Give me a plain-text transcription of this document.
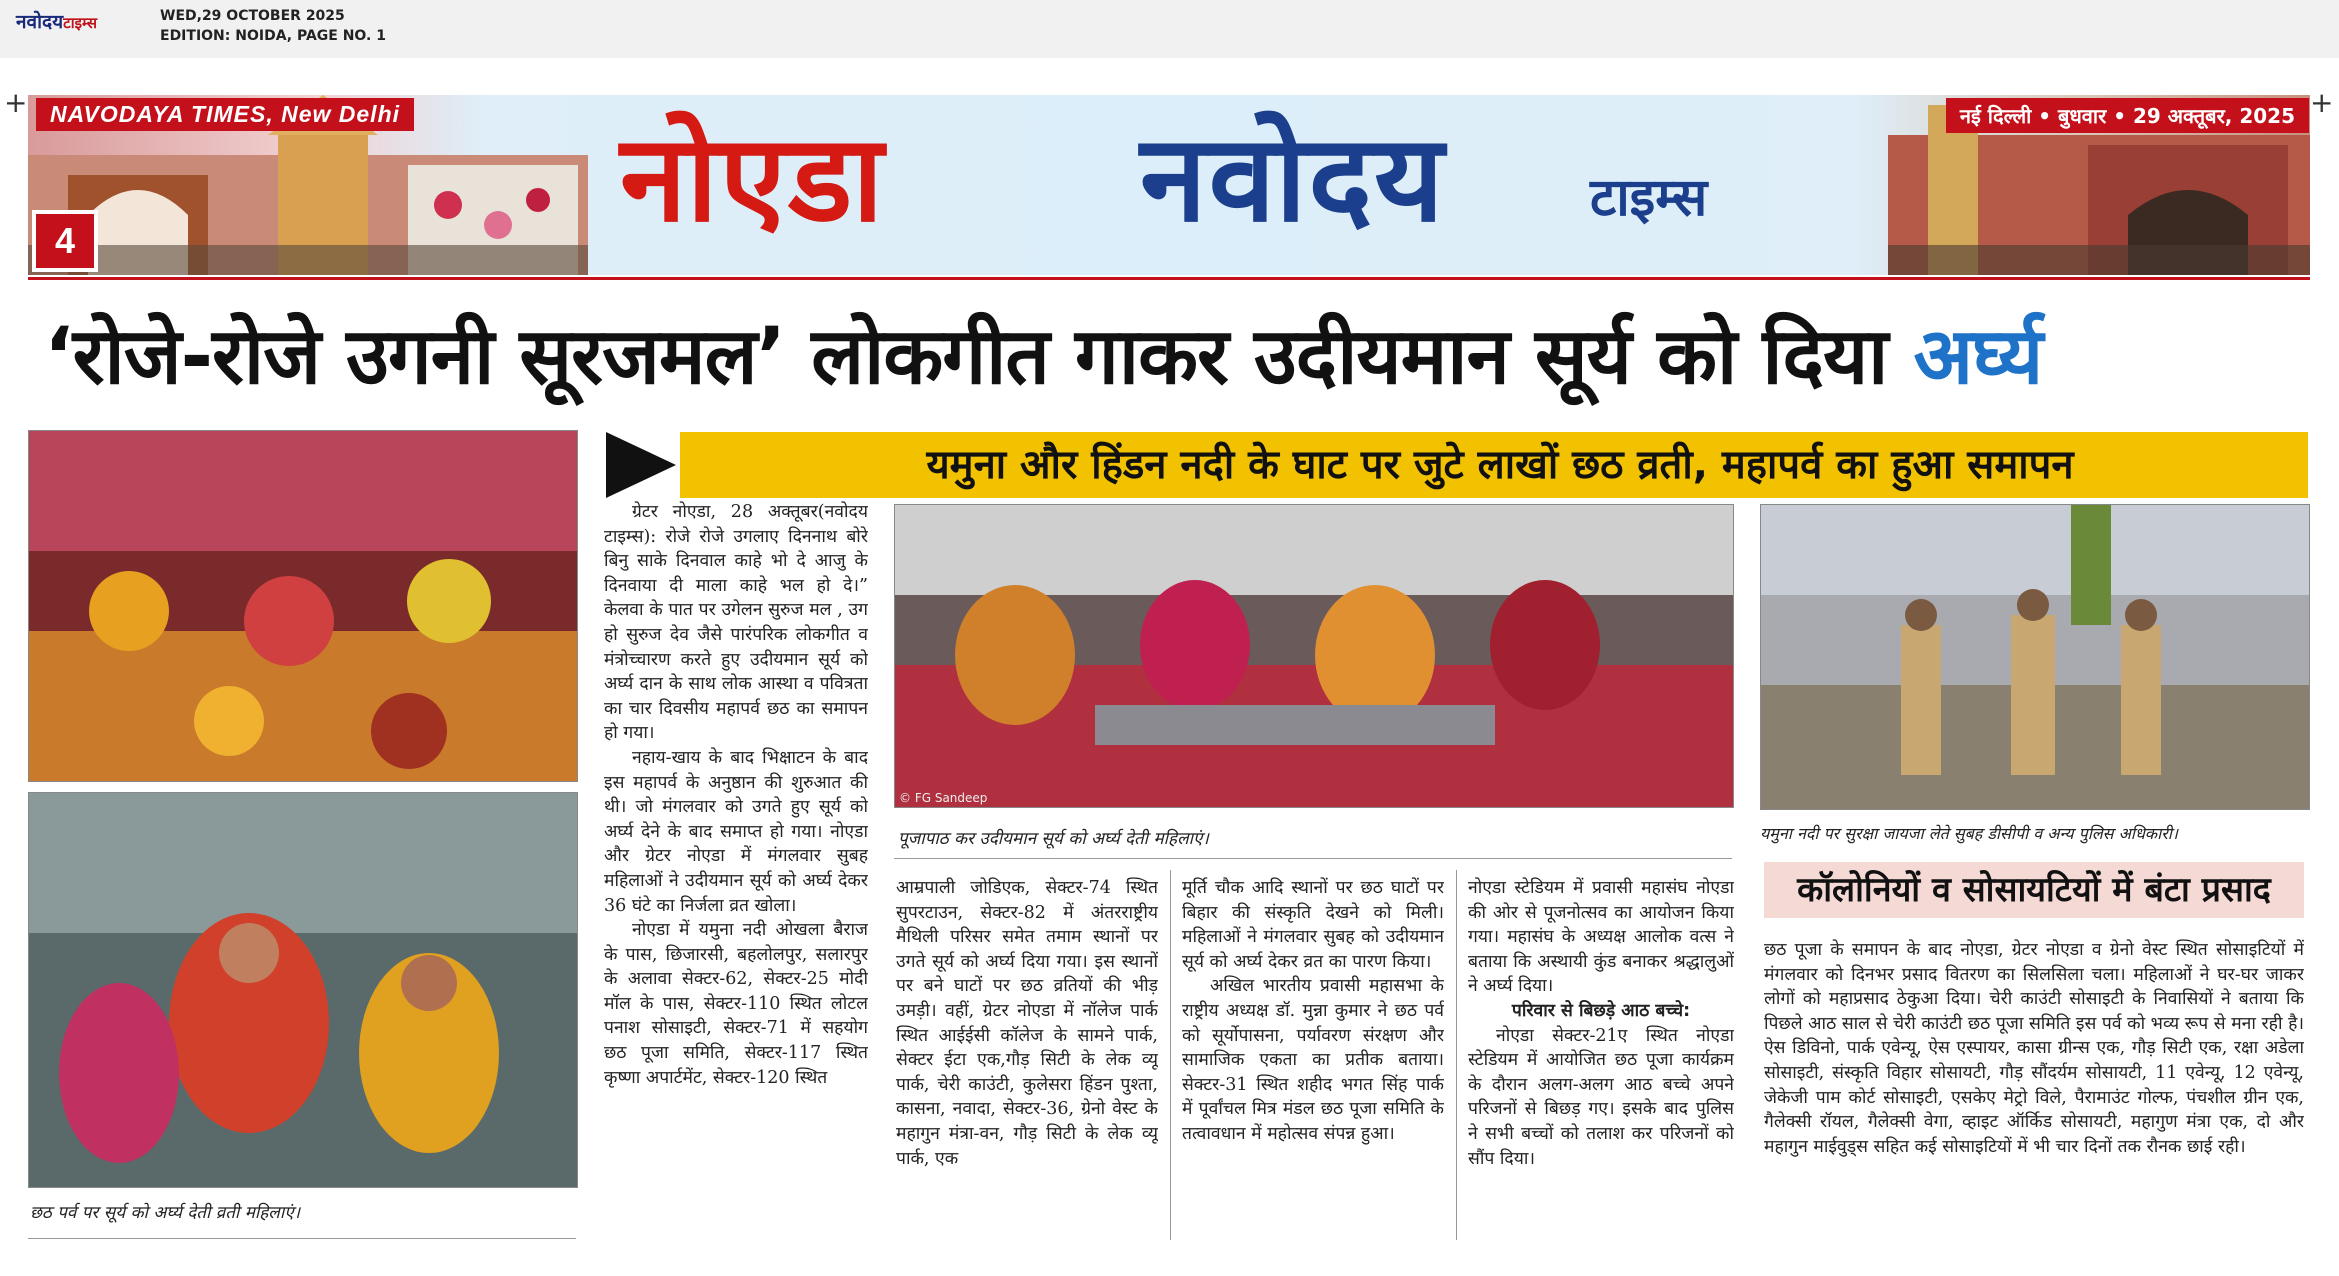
नवोदयटाइम्स	WED,29 OCTOBER 2025
EDITION: NOIDA, PAGE NO. 1
+	+
NAVODAYA TIMES, New Delhi	नई दिल्ली • बुधवार • 29 अक्तूबर, 2025
4	नोएडा नवोदय	टाइम्स
‘रोजे-रोजे उगनी सूरजमल’ लोकगीत गाकर उदीयमान सूर्य को दिया अर्घ्य
यमुना और हिंडन नदी के घाट पर जुटे लाखों छठ व्रती, महापर्व का हुआ समापन
छठ पर्व पर सूर्य को अर्घ्य देती व्रती महिलाएं।

ग्रेटर नोएडा, 28 अक्तूबर(नवोदय टाइम्स): रोजे रोजे उगलाए दिननाथ बोरे बिनु साके दिनवाल काहे भो दे आजु के दिनवाया दी माला काहे भल हो दे।” केलवा के पात पर उगेलन सुरुज मल , उग हो सुरुज देव जैसे पारंपरिक लोकगीत व मंत्रोच्चारण करते हुए उदीयमान सूर्य को अर्घ्य दान के साथ लोक आस्था व पवित्रता का चार दिवसीय महापर्व छठ का समापन हो गया।

नहाय-खाय के बाद भिक्षाटन के बाद इस महापर्व के अनुष्ठान की शुरुआत की थी। जो मंगलवार को उगते हुए सूर्य को अर्घ्य देने के बाद समाप्त हो गया। नोएडा और ग्रेटर नोएडा में मंगलवार सुबह महिलाओं ने उदीयमान सूर्य को अर्घ्य देकर 36 घंटे का निर्जला व्रत खोला।

नोएडा में यमुना नदी ओखला बैराज के पास, छिजारसी, बहलोलपुर, सलारपुर के अलावा सेक्टर-62, सेक्टर-25 मोदी मॉल के पास, सेक्टर-110 स्थित लोटल पनाश सोसाइटी, सेक्टर-71 में सहयोग छठ पूजा समिति, सेक्टर-117 स्थित कृष्णा अपार्टमेंट, सेक्टर-120 स्थित

© FG Sandeep
पूजापाठ कर उदीयमान सूर्य को अर्घ्य देती महिलाएं।	यमुना नदी पर सुरक्षा जायजा लेते सुबह डीसीपी व अन्य पुलिस अधिकारी।

आम्रपाली जोडिएक, सेक्टर-74 स्थित सुपरटाउन, सेक्टर-82 में अंतरराष्ट्रीय मैथिली परिसर समेत तमाम स्थानों पर उगते सूर्य को अर्घ्य दिया गया। इस स्थानों पर बने घाटों पर छठ व्रतियों की भीड़ उमड़ी। वहीं, ग्रेटर नोएडा में नॉलेज पार्क स्थित आईईसी कॉलेज के सामने पार्क, सेक्टर ईटा एक,गौड़ सिटी के लेक व्यू पार्क, चेरी काउंटी, कुलेसरा हिंडन पुश्ता, कासना, नवादा, सेक्टर-36, ग्रेनो वेस्ट के महागुन मंत्रा-वन, गौड़ सिटी के लेक व्यू पार्क, एक

मूर्ति चौक आदि स्थानों पर छठ घाटों पर बिहार की संस्कृति देखने को मिली। महिलाओं ने मंगलवार सुबह को उदीयमान सूर्य को अर्घ्य देकर व्रत का पारण किया।

अखिल भारतीय प्रवासी महासभा के राष्ट्रीय अध्यक्ष डॉ. मुन्ना कुमार ने छठ पर्व को सूर्योपासना, पर्यावरण संरक्षण और सामाजिक एकता का प्रतीक बताया। सेक्टर-31 स्थित शहीद भगत सिंह पार्क में पूर्वांचल मित्र मंडल छठ पूजा समिति के तत्वावधान में महोत्सव संपन्न हुआ।

नोएडा स्टेडियम में प्रवासी महासंघ नोएडा की ओर से पूजनोत्सव का आयोजन किया गया। महासंघ के अध्यक्ष आलोक वत्स ने बताया कि अस्थायी कुंड बनाकर श्रद्धालुओं ने अर्घ्य दिया।

परिवार से बिछड़े आठ बच्चे:

नोएडा सेक्टर-21ए स्थित नोएडा स्टेडियम में आयोजित छठ पूजा कार्यक्रम के दौरान अलग-अलग आठ बच्चे अपने परिजनों से बिछड़ गए। इसके बाद पुलिस ने सभी बच्चों को तलाश कर परिजनों को सौंप दिया।

कॉलोनियों व सोसायटियों में बंटा प्रसाद

छठ पूजा के समापन के बाद नोएडा, ग्रेटर नोएडा व ग्रेनो वेस्ट स्थित सोसाइटियों में मंगलवार को दिनभर प्रसाद वितरण का सिलसिला चला। महिलाओं ने घर-घर जाकर लोगों को महाप्रसाद ठेकुआ दिया। चेरी काउंटी सोसाइटी के निवासियों ने बताया कि पिछले आठ साल से चेरी काउंटी छठ पूजा समिति इस पर्व को भव्य रूप से मना रही है। ऐस डिविनो, पार्क एवेन्यू, ऐस एस्पायर, कासा ग्रीन्स एक, गौड़ सिटी एक, रक्षा अडेला सोसाइटी, संस्कृति विहार सोसायटी, गौड़ सौंदर्यम सोसायटी, 11 एवेन्यू, 12 एवेन्यू, जेकेजी पाम कोर्ट सोसाइटी, एसकेए मेट्रो विले, पैरामाउंट गोल्फ, पंचशील ग्रीन एक, गैलेक्सी रॉयल, गैलेक्सी वेगा, व्हाइट ऑर्किड सोसायटी, महागुण मंत्रा एक, दो और महागुन माईवुड्स सहित कई सोसाइटियों में भी चार दिनों तक रौनक छाई रही।
